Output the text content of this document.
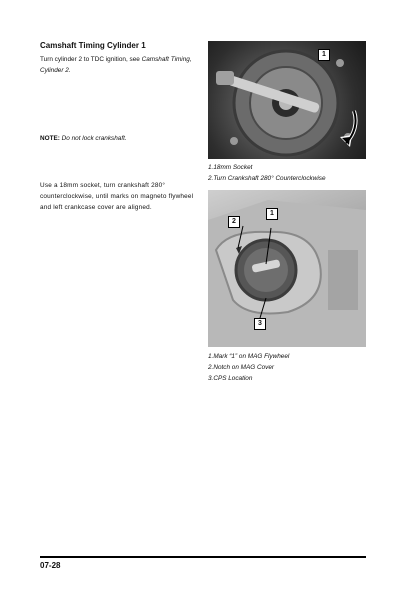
Camshaft Timing Cylinder 1
Turn cylinder 2 to TDC ignition, see Camshaft Timing, Cylinder 2.
NOTE: Do not lock crankshaft.
Use a 18mm socket, turn crankshaft 280° counterclockwise, until marks on magneto flywheel and left crankcase cover are aligned.
1
1.18mm Socket
2.Turn Crankshaft 280° Counterclockwise
1
2
3
1.Mark “1” on MAG Flywheel
2.Notch on MAG Cover
3.CPS Location
07-28
